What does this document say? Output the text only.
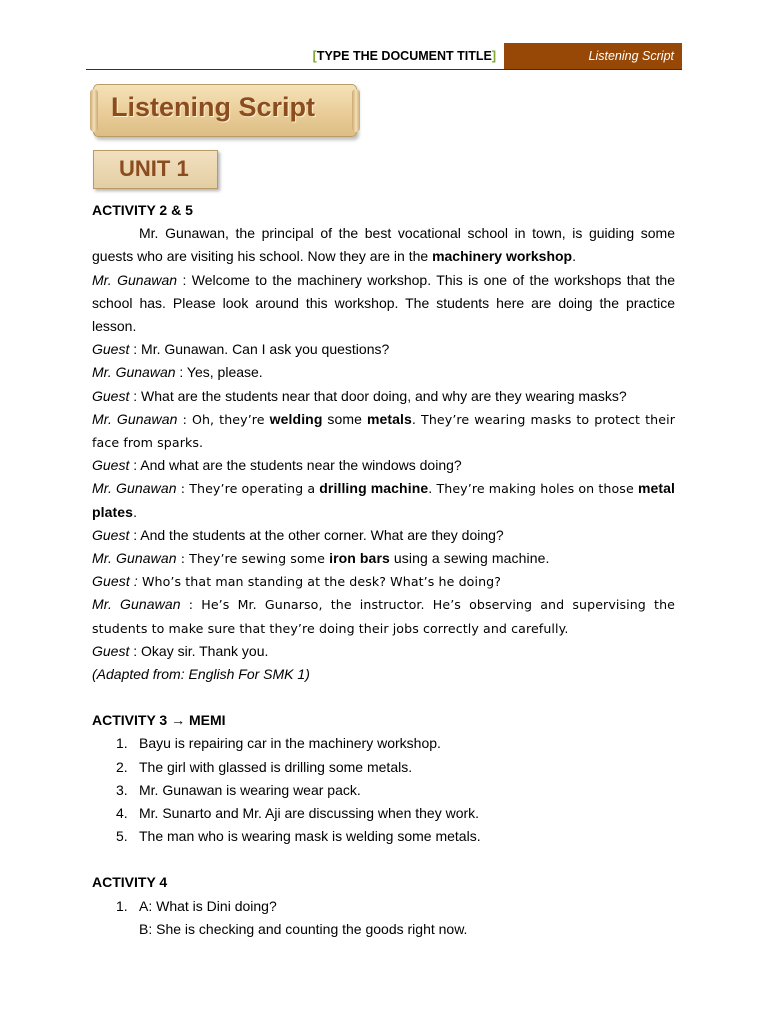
[TYPE THE DOCUMENT TITLE]	Listening Script
Listening Script
UNIT 1

ACTIVITY 2 & 5

Mr. Gunawan, the principal of the best vocational school in town, is guiding some guests who are visiting his school. Now they are in the machinery workshop.

Mr. Gunawan : Welcome to the machinery workshop. This is one of the workshops that the school has. Please look around this workshop. The students here are doing the practice lesson.

Guest : Mr. Gunawan. Can I ask you questions?

Mr. Gunawan : Yes, please.

Guest : What are the students near that door doing, and why are they wearing masks?

Mr. Gunawan : Oh, they’re welding some metals. They’re wearing masks to protect their face from sparks.

Guest : And what are the students near the windows doing?

Mr. Gunawan : They’re operating a drilling machine. They’re making holes on those metal plates.

Guest : And the students at the other corner. What are they doing?

Mr. Gunawan : They’re sewing some iron bars using a sewing machine.

Guest : Who’s that man standing at the desk? What’s he doing?

Mr. Gunawan : He’s Mr. Gunarso, the instructor. He’s observing and supervising the students to make sure that they’re doing their jobs correctly and carefully.

Guest : Okay sir. Thank you.

(Adapted from: English For SMK 1)

ACTIVITY 3 → MEMI

1. Bayu is repairing car in the machinery workshop.
2. The girl with glassed is drilling some metals.
3. Mr. Gunawan is wearing wear pack.
4. Mr. Sunarto and Mr. Aji are discussing when they work.
5. The man who is wearing mask is welding some metals.

ACTIVITY 4

1. A: What is Dini doing?

B: She is checking and counting the goods right now.
